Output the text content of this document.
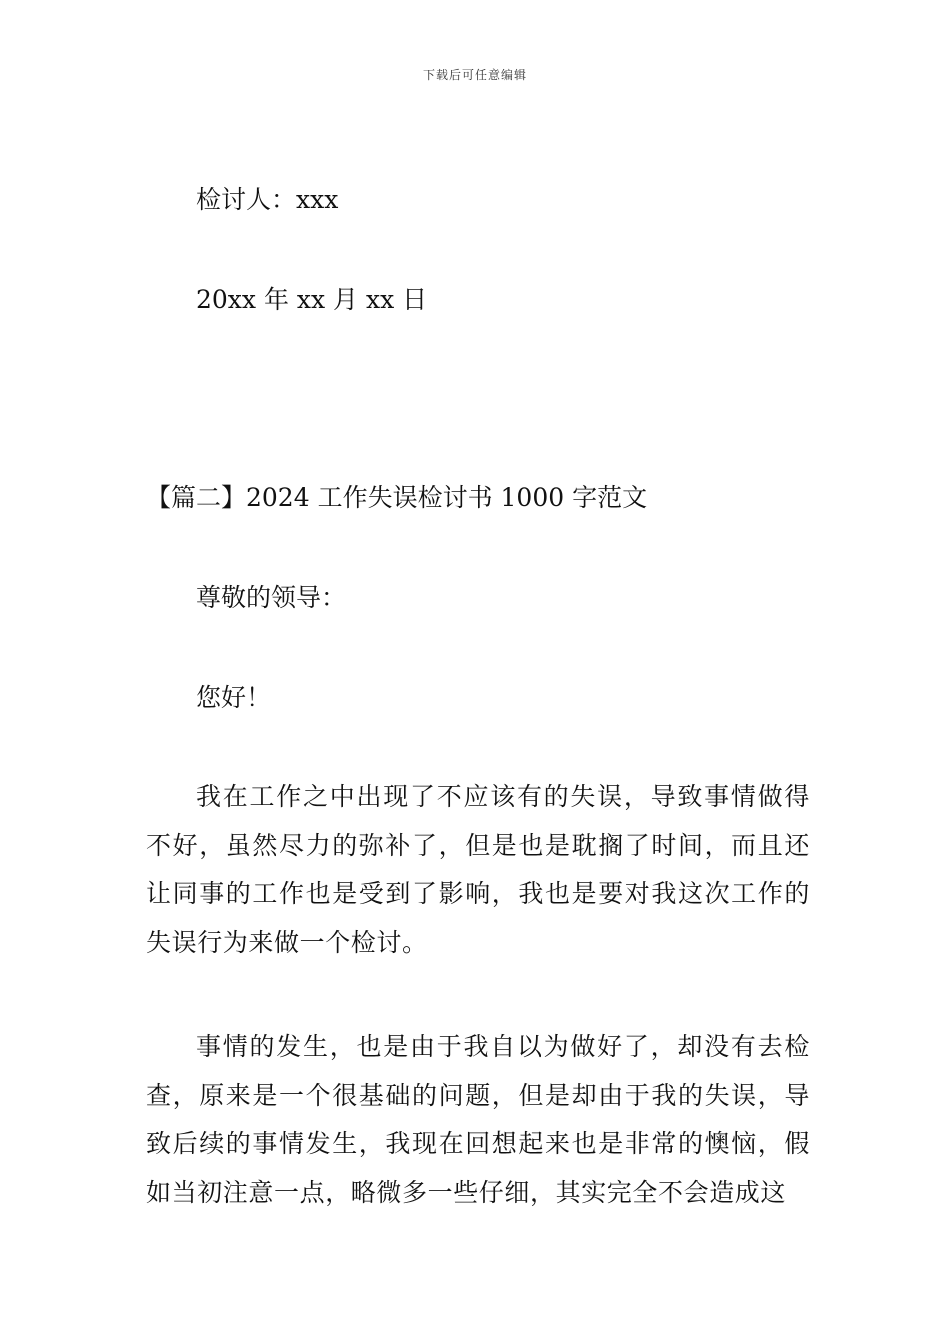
下载后可任意编辑
检讨人：xxx
20xx 年 xx 月 xx 日
【篇二】2024 工作失误检讨书 1000 字范文
尊敬的领导：
您好！
我在工作之中出现了不应该有的失误，导致事情做得不好，虽然尽力的弥补了，但是也是耽搁了时间，而且还让同事的工作也是受到了影响，我也是要对我这次工作的失误行为来做一个检讨。
事情的发生，也是由于我自以为做好了，却没有去检查，原来是一个很基础的问题，但是却由于我的失误，导致后续的事情发生，我现在回想起来也是非常的懊恼，假如当初注意一点，略微多一些仔细，其实完全不会造成这
